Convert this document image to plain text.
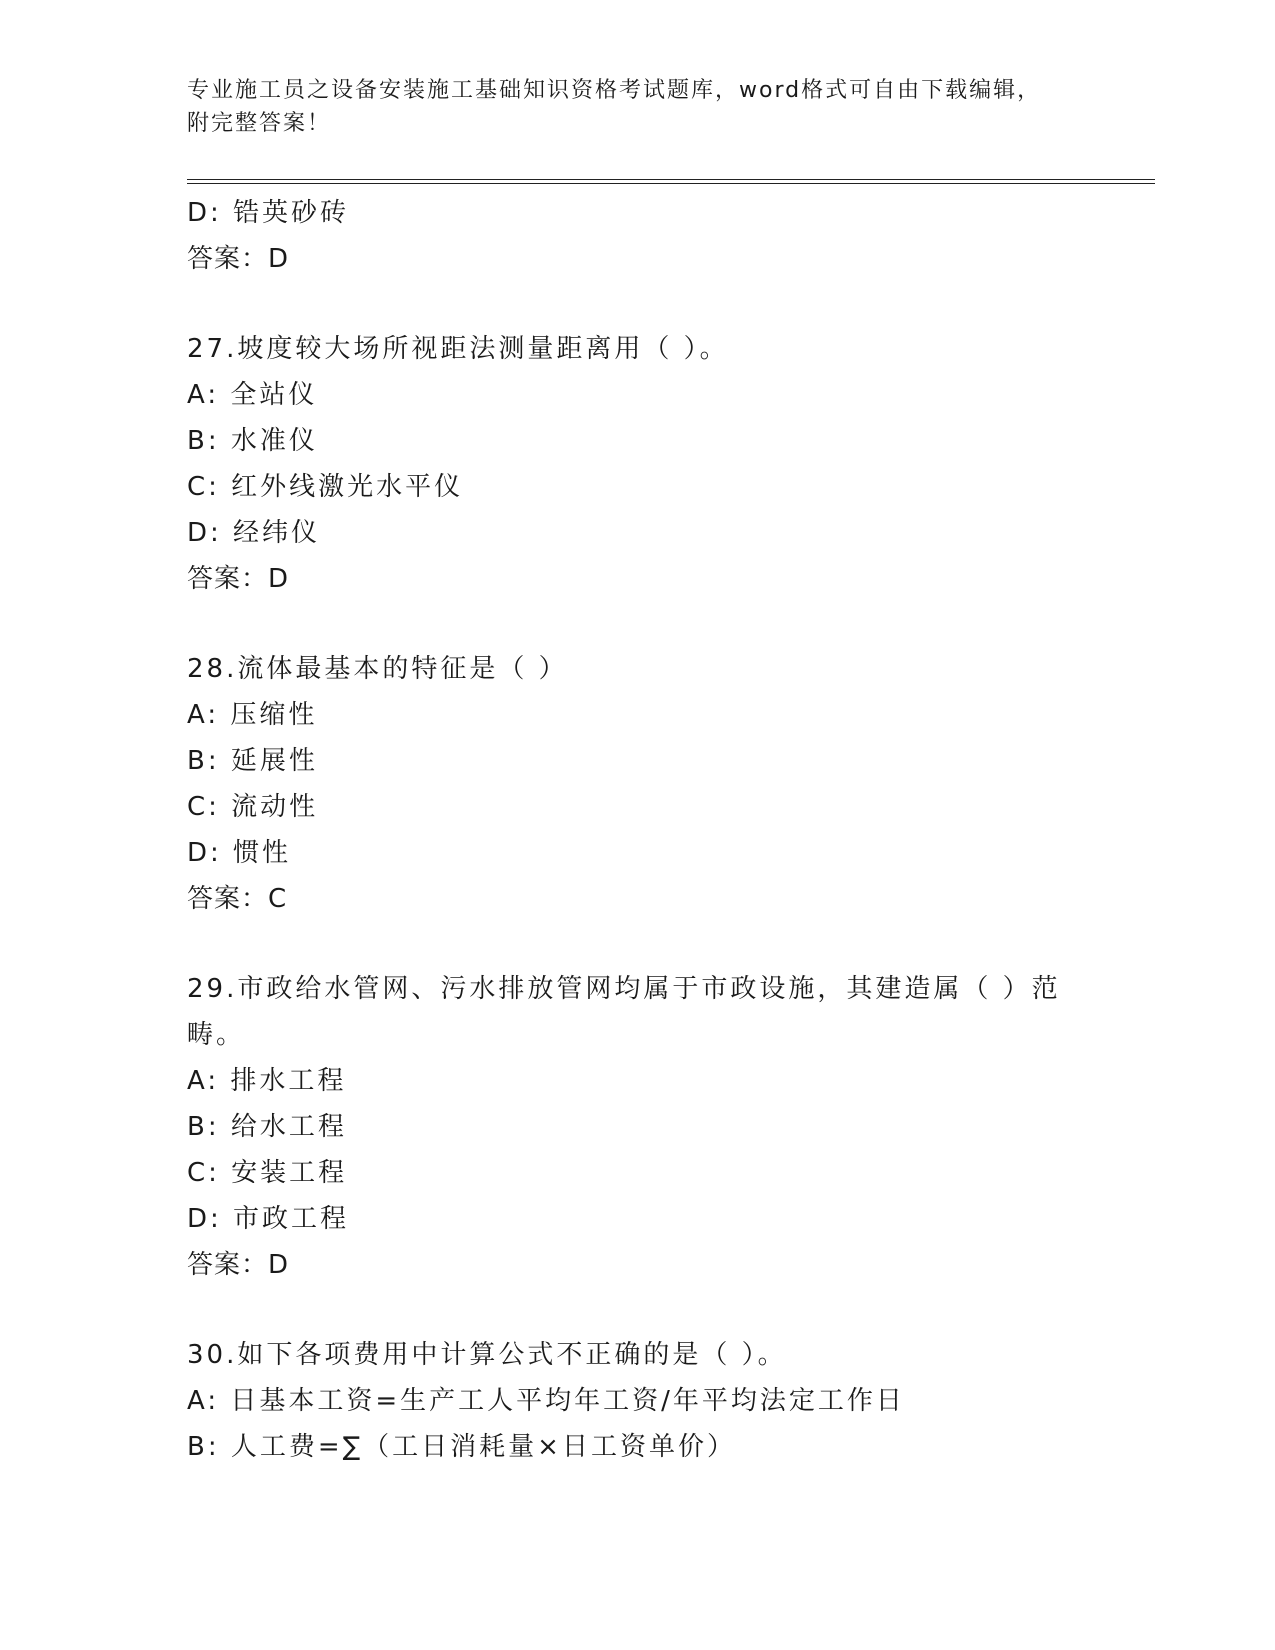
专业施工员之设备安装施工基础知识资格考试题库，word格式可自由下载编辑，
附完整答案！
D: 锆英砂砖
答案：D
27.坡度较大场所视距法测量距离用（ ）。
A: 全站仪
B: 水准仪
C: 红外线激光水平仪
D: 经纬仪
答案：D
28.流体最基本的特征是（ ）
A: 压缩性
B: 延展性
C: 流动性
D: 惯性
答案：C
29.市政给水管网、污水排放管网均属于市政设施，其建造属（ ）范
畴。
A: 排水工程
B: 给水工程
C: 安装工程
D: 市政工程
答案：D
30.如下各项费用中计算公式不正确的是（ ）。
A: 日基本工资=生产工人平均年工资/年平均法定工作日
B: 人工费=∑（工日消耗量×日工资单价）
